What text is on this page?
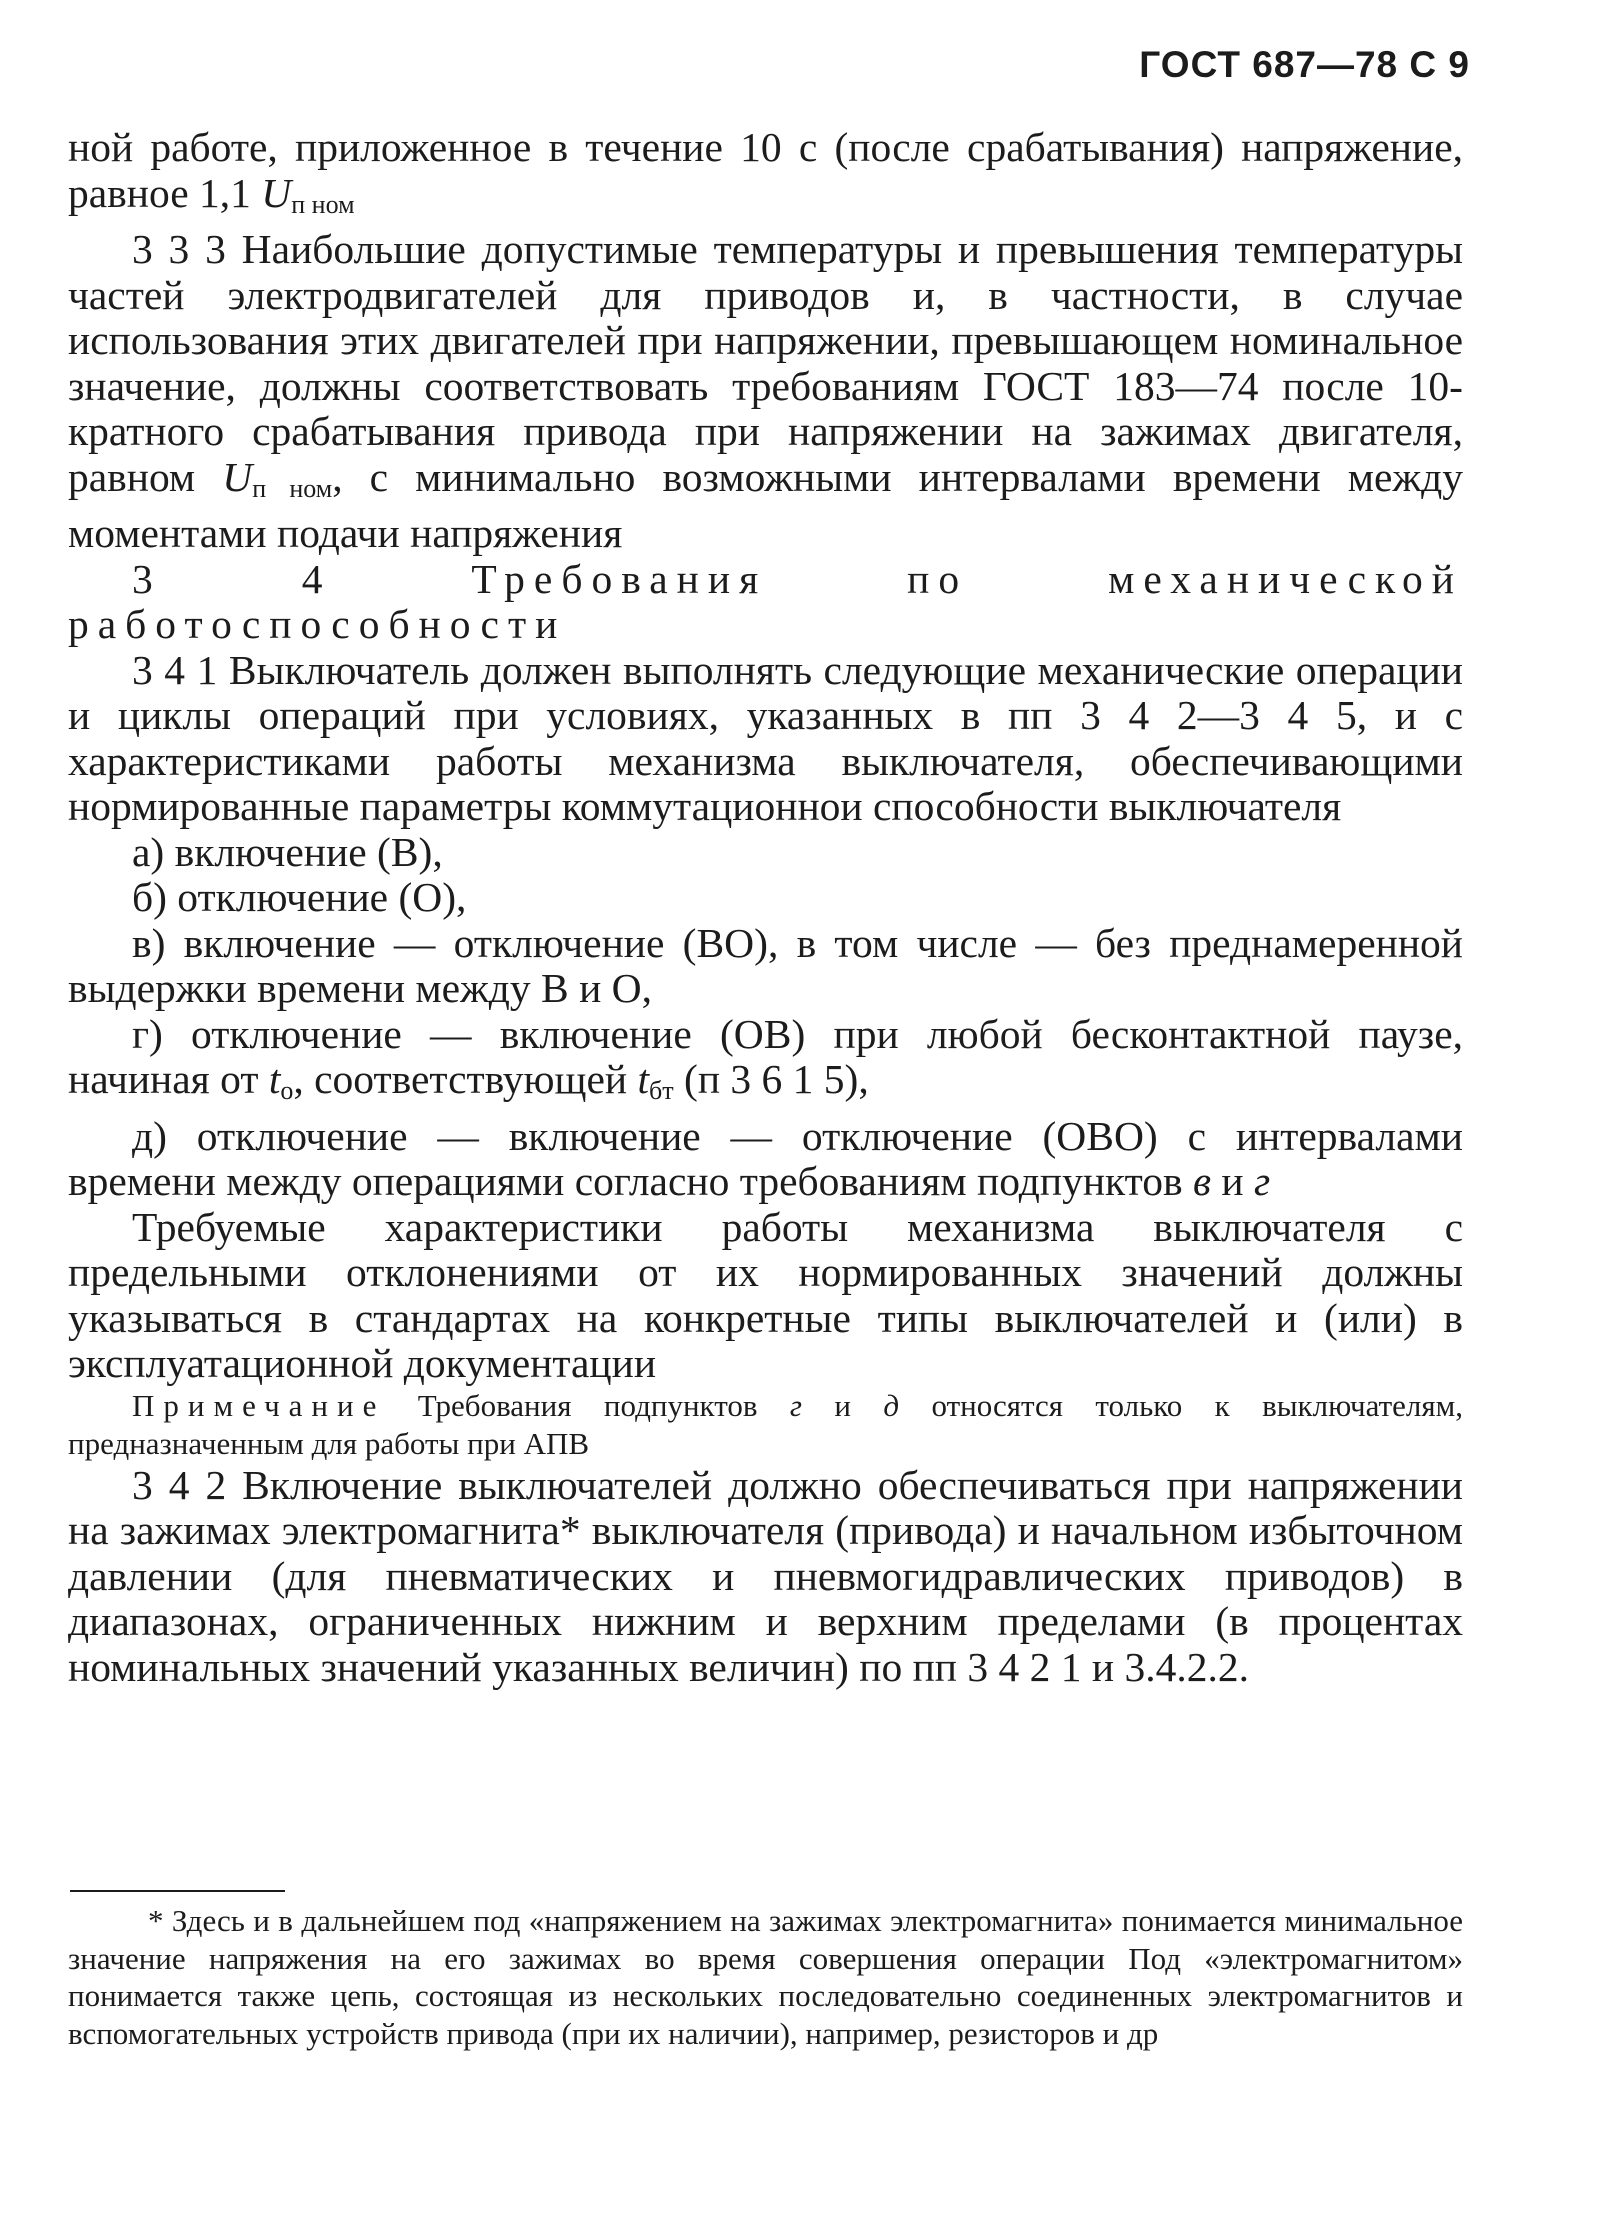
ГОСТ 687—78 С 9

ной работе, приложенное в течение 10 с (после срабатывания) напряжение, равное 1,1 $U_{п ном}$

3 3 3 Наибольшие допустимые температуры и превышения температуры частей электродвигателей для приводов и, в частности, в случае использования этих двигателей при напряжении, превышающем номинальное значение, должны соответствовать требованиям ГОСТ 183—74 после 10-кратного срабатывания привода при напряжении на зажимах двигателя, равном $U_{п ном}$, с минимально возможными интервалами времени между моментами подачи напряжения

3 4 Требования по механической работоспособности

3 4 1 Выключатель должен выполнять следующие механические операции и циклы операций при условиях, указанных в пп 3 4 2—3 4 5, и с характеристиками работы механизма выключателя, обеспечивающими нормированные параметры коммутационнои способности выключателя

а) включение (В),

б) отключение (О),

в) включение — отключение (ВО), в том числе — без преднамеренной выдержки времени между В и О,

г) отключение — включение (ОВ) при любой бесконтактной паузе, начиная от $t_о$, соответствующей $t_{бт}$ (п 3 6 1 5),

д) отключение — включение — отключение (ОВО) с интервалами времени между операциями согласно требованиям подпунктов в и г

Требуемые характеристики работы механизма выключателя с предельными отклонениями от их нормированных значений должны указываться в стандартах на конкретные типы выключателей и (или) в эксплуатационной документации

Примечание Требования подпунктов г и д относятся только к выключателям, предназначенным для работы при АПВ

3 4 2 Включение выключателей должно обеспечиваться при напряжении на зажимах электромагнита* выключателя (привода) и начальном избыточном давлении (для пневматических и пневмогидравлических приводов) в диапазонах, ограниченных нижним и верхним пределами (в процентах номинальных значений указанных величин) по пп 3 4 2 1 и 3.4.2.2.

* Здесь и в дальнейшем под «напряжением на зажимах электромагнита» понимается минимальное значение напряжения на его зажимах во время совершения операции Под «электромагнитом» понимается также цепь, состоящая из нескольких последовательно соединенных электромагнитов и вспомогательных устройств привода (при их наличии), например, резисторов и др
